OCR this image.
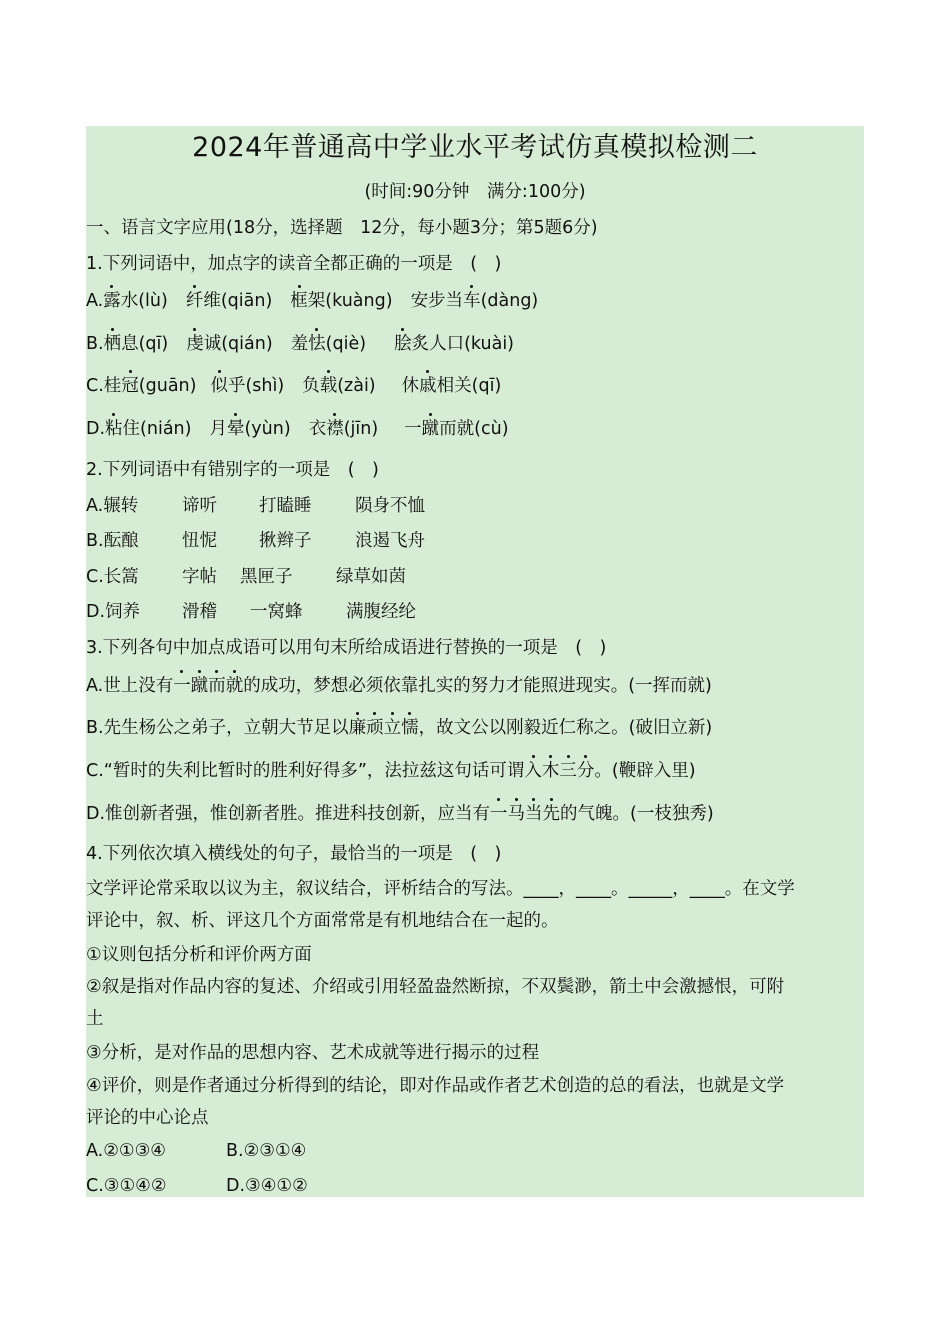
2024年普通高中学业水平考试仿真模拟检测二
(时间:90分钟　满分:100分)
一、语言文字应用(18分，选择题　12分，每小题3分；第5题6分)
1.下列词语中，加点字的读音全都正确的一项是　(　)
A.露水(lù) 纤维(qiān) 框架(kuàng) 安步当车(dàng)
B.栖息(qī) 虔诚(qián) 羞怯(qiè) 脍炙人口(kuài)
C.桂冠(guān) 似乎(shì) 负载(zài) 休戚相关(qī)
D.粘住(nián) 月晕(yùn) 衣襟(jīn) 一蹴而就(cù)
2.下列词语中有错别字的一项是　(　)
A.辗转	谛听 打瞌睡 陨身不恤
B.酝酿 忸怩 揪辫子 浪遏飞舟
C.长篙 字帖 黑匣子 绿草如茵
D.饲养 滑稽 一窝蜂 满腹经纶
3.下列各句中加点成语可以用句末所给成语进行替换的一项是　(　)
A.世上没有一蹴而就的成功，梦想必须依靠扎实的努力才能照进现实。(一挥而就)
B.先生杨公之弟子，立朝大节足以廉顽立懦，故文公以刚毅近仁称之。(破旧立新)
C.“暂时的失利比暂时的胜利好得多”，法拉兹这句话可谓入木三分。(鞭辟入里)
D.惟创新者强，惟创新者胜。推进科技创新，应当有一马当先的气魄。(一枝独秀)
4.下列依次填入横线处的句子，最恰当的一项是　(　)
文学评论常采取以议为主，叙议结合，评析结合的写法。____，____。_____，____。在文学
评论中，叙、析、评这几个方面常常是有机地结合在一起的。
①议则包括分析和评价两方面
②叙是指对作品内容的复述、介绍或引用轻盈盎然断掠，不双鬓渺，箭土中会激撼恨，可附
土
③分析，是对作品的思想内容、艺术成就等进行揭示的过程
④评价，则是作者通过分析得到的结论，即对作品或作者艺术创造的总的看法，也就是文学
评论的中心论点
A.②①③④	B.②③①④
C.③①④②	D.③④①②
